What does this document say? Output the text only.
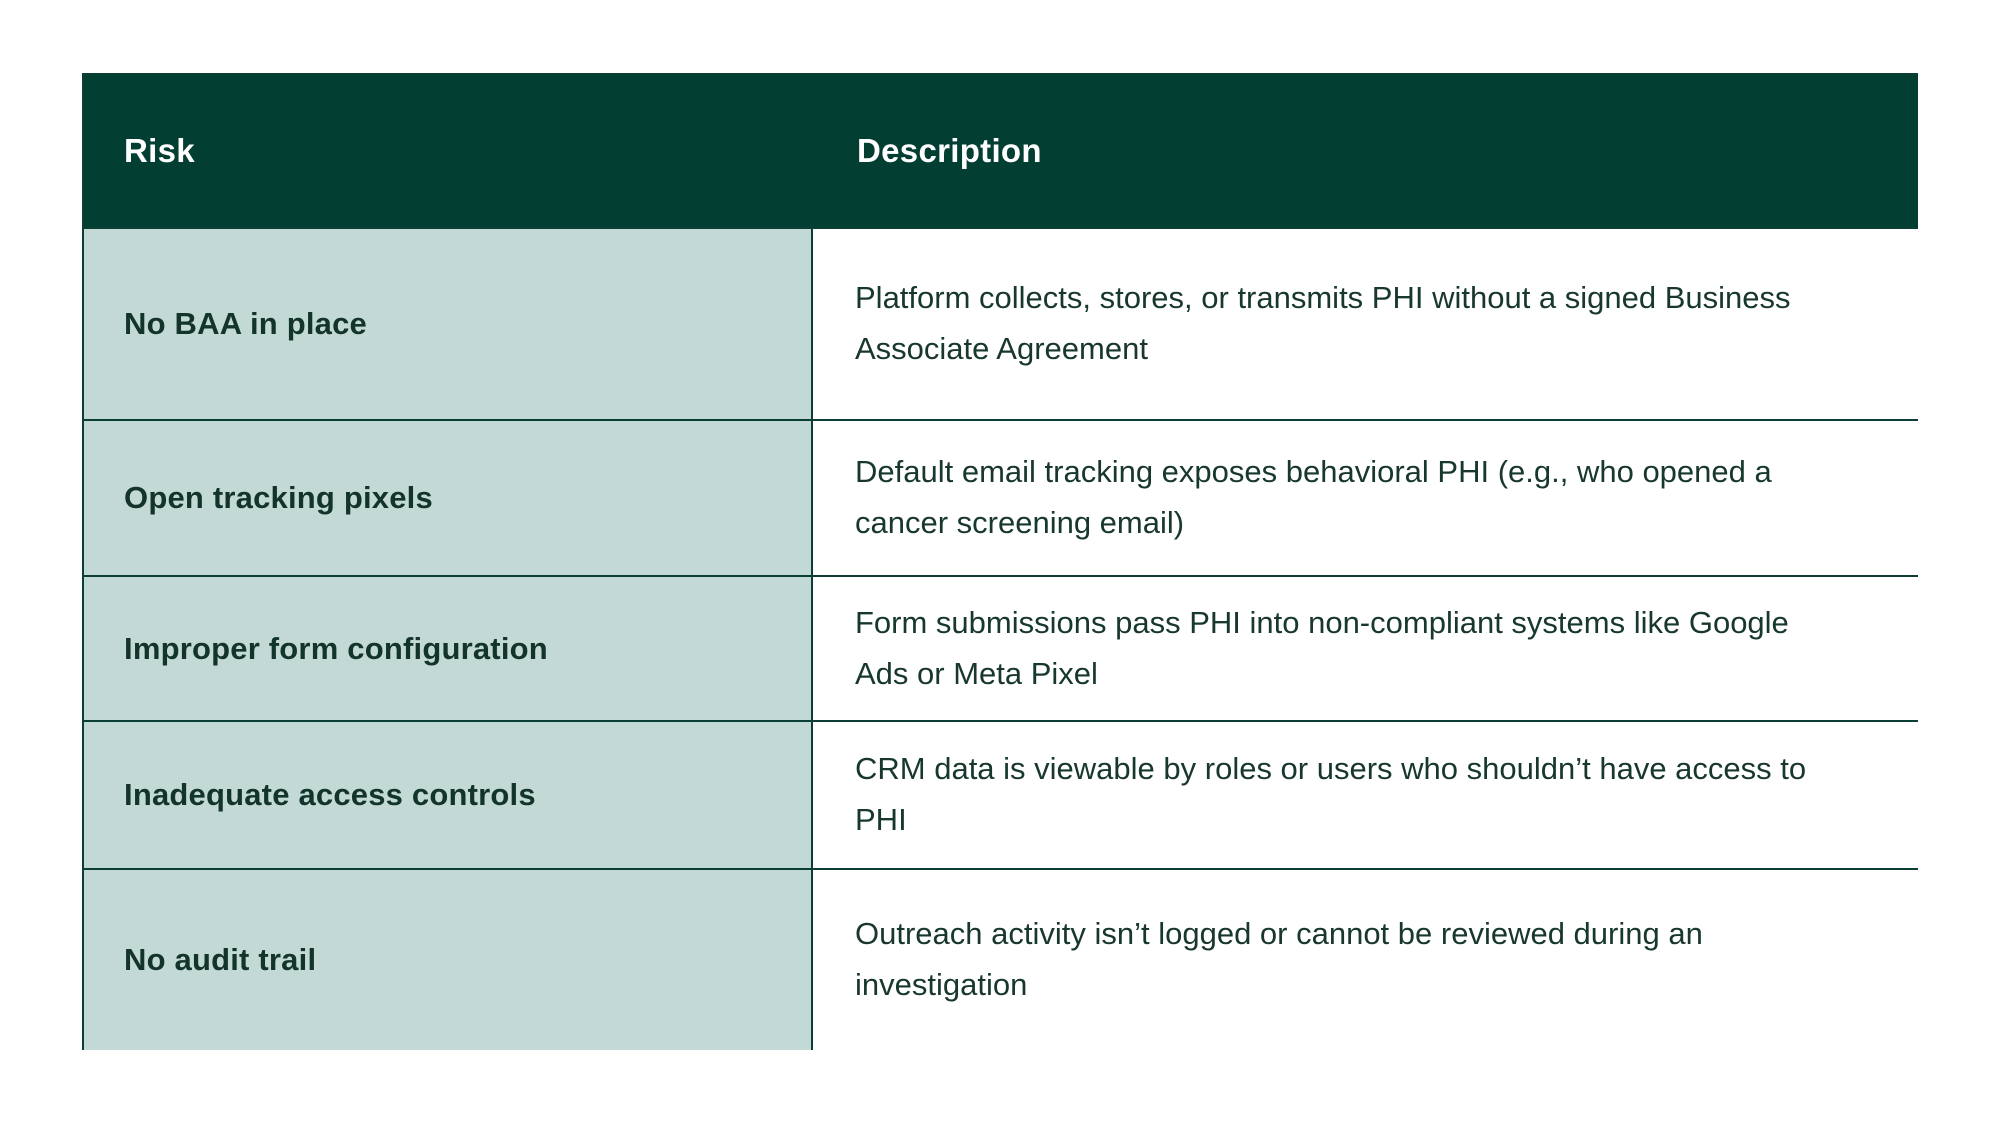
Risk	Description
No BAA in place
Platform collects, stores, or transmits PHI without a signed Business Associate Agreement
Open tracking pixels
Default email tracking exposes behavioral PHI (e.g., who opened a cancer screening email)
Improper form configuration
Form submissions pass PHI into non-compliant systems like Google Ads or Meta Pixel
Inadequate access controls
CRM data is viewable by roles or users who shouldn’t have access to PHI
No audit trail
Outreach activity isn’t logged or cannot be reviewed during an investigation
